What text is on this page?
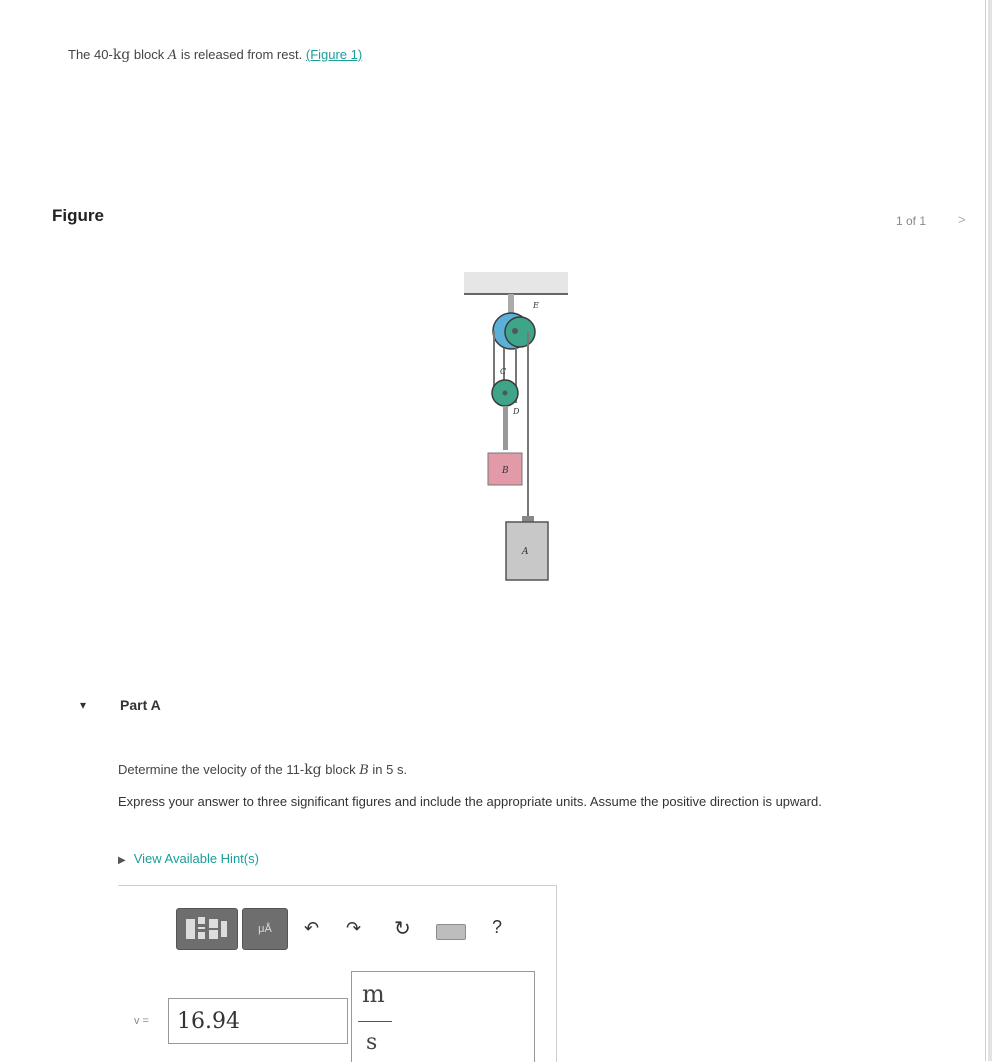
The 40-kg block A is released from rest. (Figure 1)
Figure	1 of 1 >
E
C
D
B
A
▾ Part A
Determine the velocity of the 11-kg block B in 5 s.
Express your answer to three significant figures and include the appropriate units. Assume the positive direction is upward.
▶ View Available Hint(s)
μÅ	↶ ↷ ↻	?
v =	16.94
m
s
